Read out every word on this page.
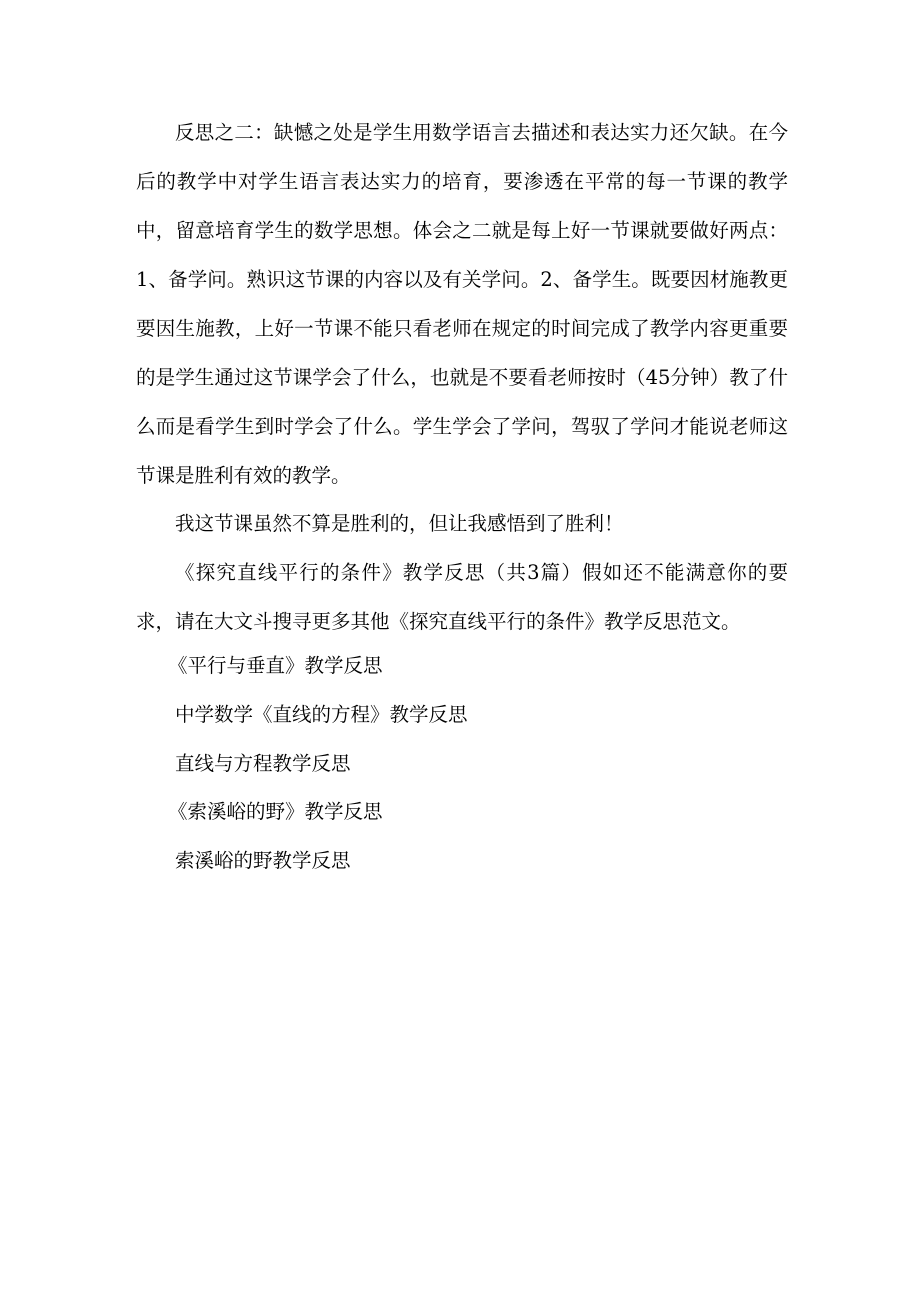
反思之二：缺憾之处是学生用数学语言去描述和表达实力还欠缺。在今后的教学中对学生语言表达实力的培育，要渗透在平常的每一节课的教学中，留意培育学生的数学思想。体会之二就是每上好一节课就要做好两点：1、备学问。熟识这节课的内容以及有关学问。2、备学生。既要因材施教更要因生施教，上好一节课不能只看老师在规定的时间完成了教学内容更重要的是学生通过这节课学会了什么，也就是不要看老师按时（45分钟）教了什么而是看学生到时学会了什么。学生学会了学问，驾驭了学问才能说老师这节课是胜利有效的教学。

我这节课虽然不算是胜利的，但让我感悟到了胜利！

《探究直线平行的条件》教学反思（共3篇）假如还不能满意你的要求，请在大文斗搜寻更多其他《探究直线平行的条件》教学反思范文。

《平行与垂直》教学反思

中学数学《直线的方程》教学反思

直线与方程教学反思

《索溪峪的野》教学反思

索溪峪的野教学反思
